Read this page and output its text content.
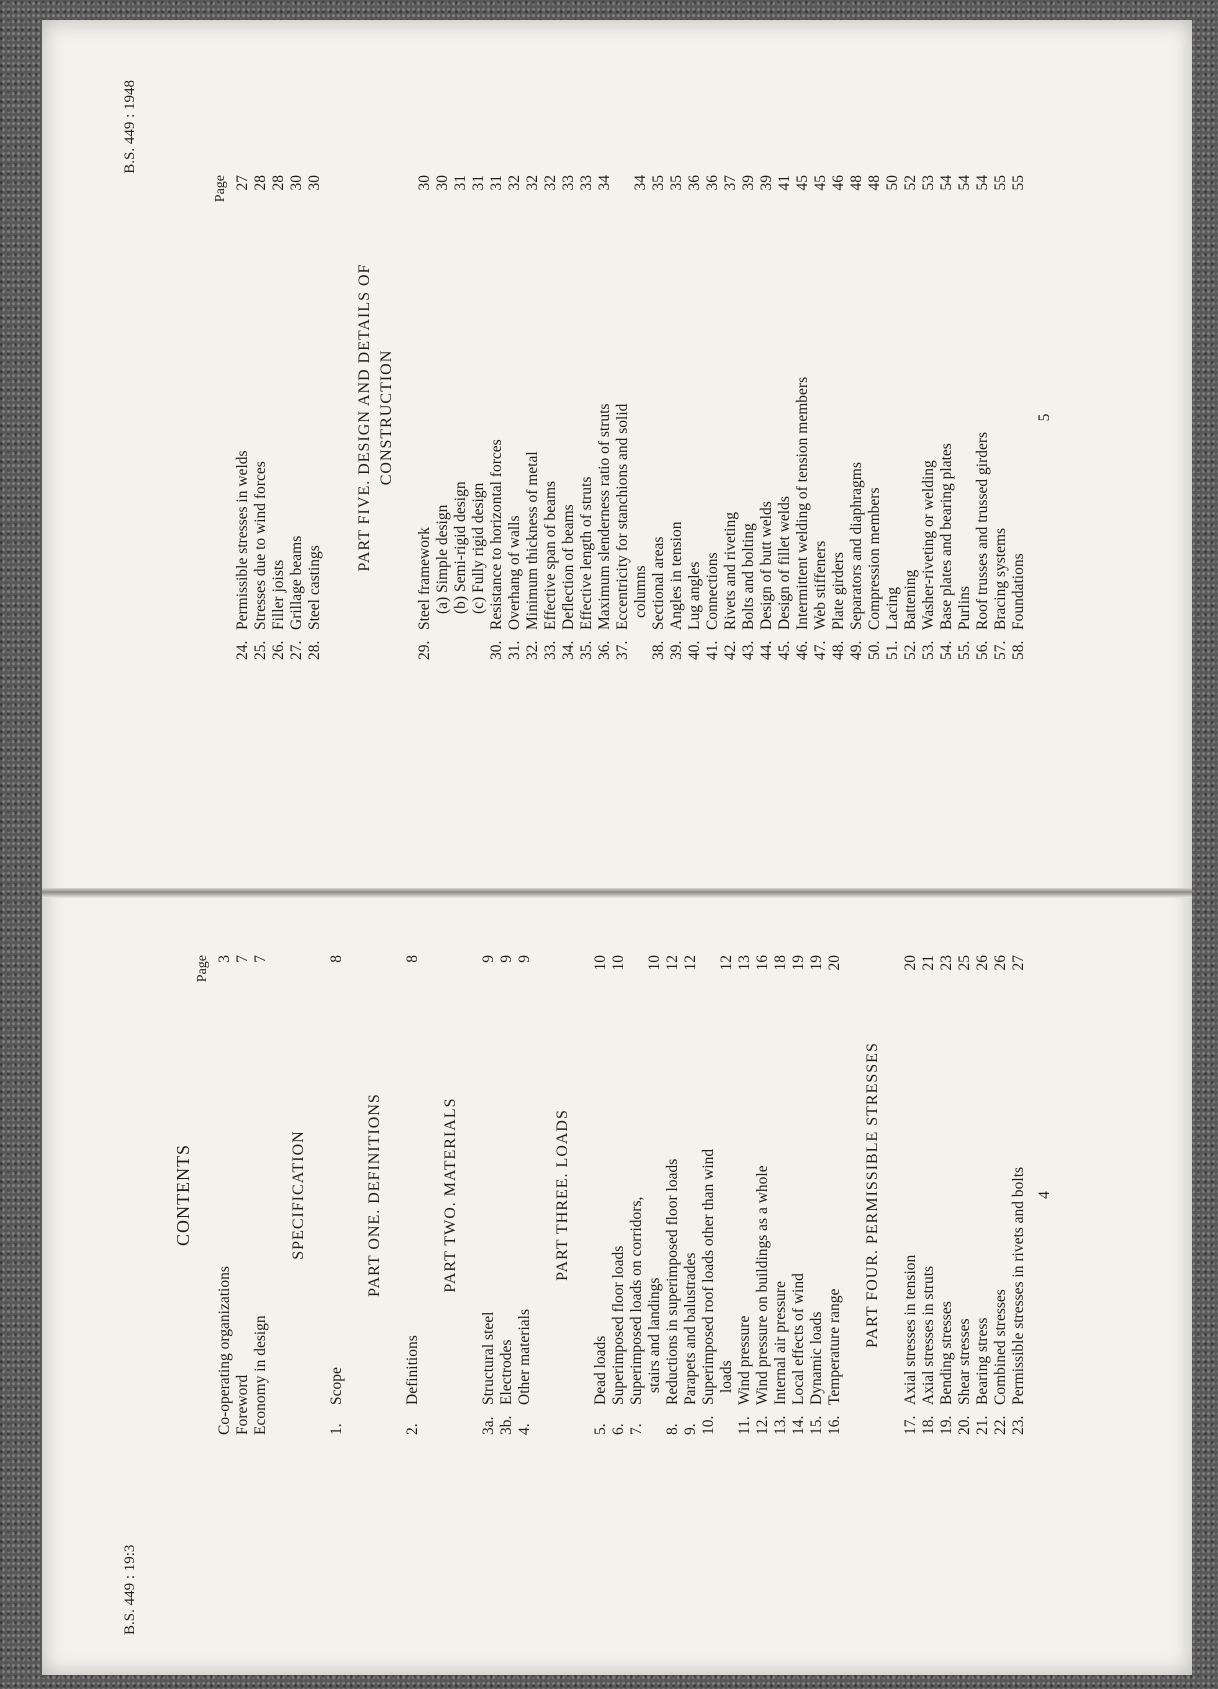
B.S. 449 : 19:3
CONTENTS
Page
Co-operating organizations
3
Foreword
7
Economy in design
7
SPECIFICATION
1.Scope
8
PART ONE. DEFINITIONS
2.Definitions
8
PART TWO. MATERIALS
3a.Structural steel
9
3b.Electrodes
9
4.Other materials
9
PART THREE. LOADS
5.Dead loads
10
6.Superimposed floor loads
10
7.Superimposed loads on corridors, stairs and landings
10
8.Reductions in superimposed floor loads
12
9.Parapets and balustrades
12
10.Superimposed roof loads other than wind loads
12
11.Wind pressure
13
12.Wind pressure on buildings as a whole
16
13.Internal air pressure
18
14.Local effects of wind
19
15.Dynamic loads
19
16.Temperature range
20
PART FOUR. PERMISSIBLE STRESSES
17.Axial stresses in tension
20
18.Axial stresses in struts
21
19.Bending stresses
23
20.Shear stresses
25
21.Bearing stress
26
22.Combined stresses
26
23.Permissible stresses in rivets and bolts
27
4
B.S. 449 : 1948
Page
24.Permissible stresses in welds
27
25.Stresses due to wind forces
28
26.Filler joists
28
27.Grillage beams
30
28.Steel castings
30
PART FIVE. DESIGN AND DETAILS OF CONSTRUCTION
29.Steel framework
30
(a) Simple design
30
(b) Semi-rigid design
31
(c) Fully rigid design
31
30.Resistance to horizontal forces
31
31.Overhang of walls
32
32.Minimum thickness of metal
32
33.Effective span of beams
32
34.Deflection of beams
33
35.Effective length of struts
33
36.Maximum slenderness ratio of struts
34
37.Eccentricity for stanchions and solid columns
34
38.Sectional areas
35
39.Angles in tension
35
40.Lug angles
36
41.Connections
36
42.Rivets and riveting
37
43.Bolts and bolting
39
44.Design of butt welds
39
45.Design of fillet welds
41
46.Intermittent welding of tension members
45
47.Web stiffeners
45
48.Plate girders
46
49.Separators and diaphragms
48
50.Compression members
48
51.Lacing
50
52.Battening
52
53.Washer-riveting or welding
53
54.Base plates and bearing plates
54
55.Purlins
54
56.Roof trusses and trussed girders
54
57.Bracing systems
55
58.Foundations
55
5
